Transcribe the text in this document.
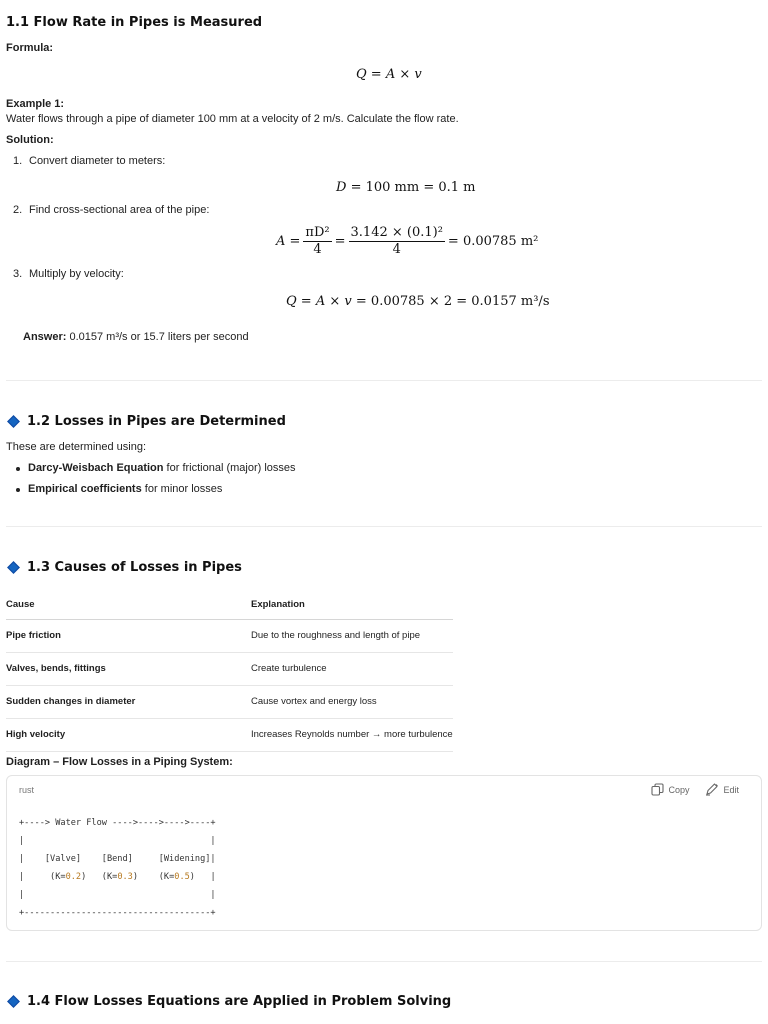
1.1 Flow Rate in Pipes is Measured
Formula:
Q = A × v
Example 1:
Water flows through a pipe of diameter 100 mm at a velocity of 2 m/s. Calculate the flow rate.
Solution:
1. Convert diameter to meters:
D = 100 mm = 0.1 m
2. Find cross-sectional area of the pipe:
$A = \frac{\text{πD²}}{4} = \frac{\text{3.142 × (0.1)²}}{4} = 0.00785$ m²
3. Multiply by velocity:
Q = A × v = 0.00785 × 2 = 0.0157 m³/s
Answer: 0.0157 m³/s or 15.7 liters per second
1.2 Losses in Pipes are Determined
These are determined using:
Darcy-Weisbach Equation for frictional (major) losses
Empirical coefficients for minor losses
1.3 Causes of Losses in Pipes
Cause	Explanation
Pipe friction	Due to the roughness and length of pipe
Valves, bends, fittings	Create turbulence
Sudden changes in diameter	Cause vortex and energy loss
High velocity	Increases Reynolds number → more turbulence
Diagram – Flow Losses in a Piping System:
rust	Copy	Edit
+----> Water Flow ---->---->---->----+
|                                    |
|    [Valve]    [Bend]     [Widening]|
|     (K=0.2)   (K=0.3)    (K=0.5)   |
|                                    |
+------------------------------------+
1.4 Flow Losses Equations are Applied in Problem Solving
